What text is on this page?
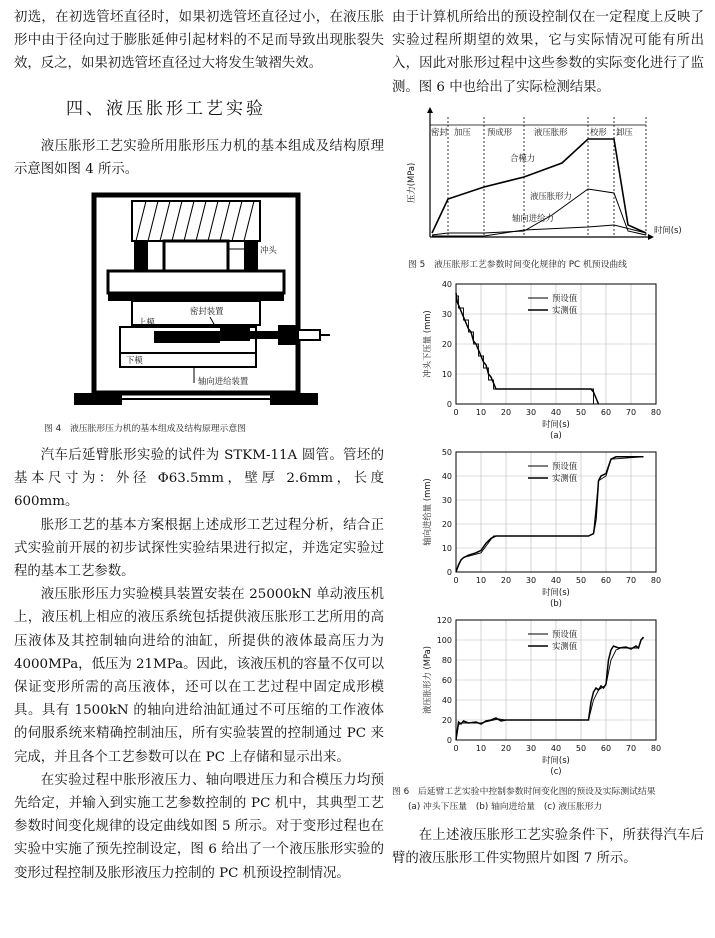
初选，在初选管坯直径时，如果初选管坯直径过小，在液压胀形中由于径向过于膨胀延伸引起材料的不足而导致出现胀裂失效，反之，如果初选管坯直径过大将发生皱褶失效。

四、液压胀形工艺实验

液压胀形工艺实验所用胀形压力机的基本组成及结构原理示意图如图 4 所示。

冲头
上模
密封装置
下模
轴向进给装置
图 4　液压胀形压力机的基本组成及结构原理示意图

汽车后延臂胀形实验的试件为 STKM-11A 圆管。管坯的基本尺寸为：外径 Φ63.5mm，壁厚 2.6mm，长度 600mm。

胀形工艺的基本方案根据上述成形工艺过程分析，结合正式实验前开展的初步试探性实验结果进行拟定，并选定实验过程的基本工艺参数。

液压胀形压力实验模具装置安装在 25000kN 单动液压机上，液压机上相应的液压系统包括提供液压胀形工艺所用的高压液体及其控制轴向进给的油缸，所提供的液体最高压力为 4000MPa，低压为 21MPa。因此，该液压机的容量不仅可以保证变形所需的高压液体，还可以在工艺过程中固定成形模具。具有 1500kN 的轴向进给油缸通过不可压缩的工作液体的伺服系统来精确控制油压，所有实验装置的控制通过 PC 来完成，并且各个工艺参数可以在 PC 上存储和显示出来。

在实验过程中胀形液压力、轴向喂进压力和合模压力均预先给定，并输入到实施工艺参数控制的 PC 机中，其典型工艺参数时间变化规律的设定曲线如图 5 所示。对于变形过程也在实验中实施了预先控制设定，图 6 给出了一个液压胀形实验的变形过程控制及胀形液压力控制的 PC 机预设控制情况。

由于计算机所给出的预设控制仅在一定程度上反映了实验过程所期望的效果，它与实际情况可能有所出入，因此对胀形过程中这些参数的实际变化进行了监测。图 6 中也给出了实际检测结果。

密封 加压 预成形	液压胀形	校形 卸压
压力(MPa)
时间(s)
合模力
液压胀形力
轴向进给力
图 5　液压胀形工艺参数时间变化规律的 PC 机预设曲线
0
10
20
30
40
0 10 20 30 40 50 60 70 80
时间(s)
(a)
冲头下压量 (mm)
预设值
实测值
0
10
20
30
40
50
0 10 20 30 40 50 60 70 80
时间(s)
(b)
轴向进给量 (mm)
预设值
实测值
0
20
40
60
80
100
120
0 10 20 30 40 50 60 70 80
时间(s)
(c)
液压胀形力 (MPa)
预设值
实测值
图 6　后延臂工艺实验中控制参数时间变化图的预设及实际测试结果
(a) 冲头下压量　(b) 轴向进给量　(c) 液压胀形力

在上述液压胀形工艺实验条件下，所获得汽车后臂的液压胀形工件实物照片如图 7 所示。
